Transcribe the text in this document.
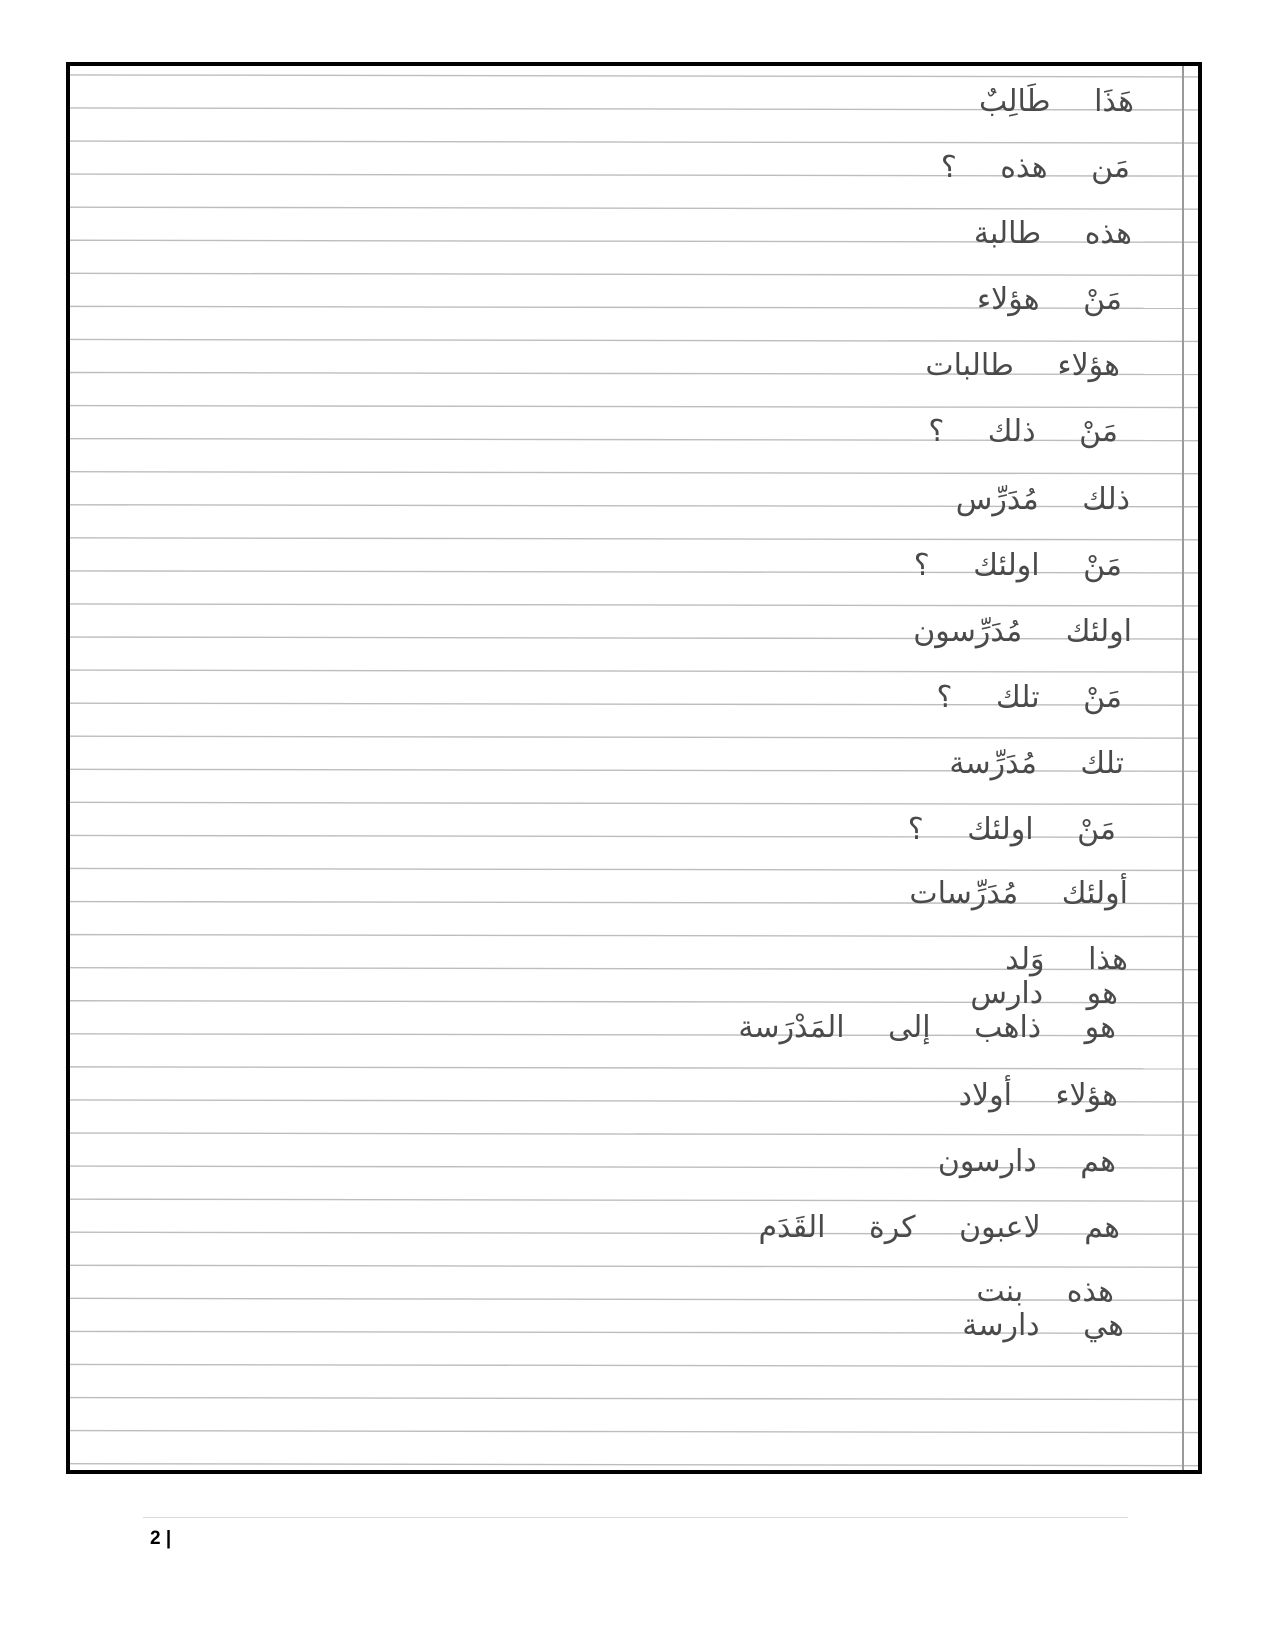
هَذَا طَالِبٌ
مَن هذه ؟
هذه طالبة
مَنْ هؤلاء
هؤلاء طالبات
مَنْ ذلك ؟
ذلك مُدَرِّس
مَنْ اولئك ؟
اولئك مُدَرِّسون
مَنْ تلك ؟
تلك مُدَرِّسة
مَنْ اولئك ؟
أولئك مُدَرِّسات
هذا وَلد
هو دارس
هو ذاهب إلى المَدْرَسة
هؤلاء أولاد
هم دارسون
هم لاعبون كرة القَدَم
هذه بنت
هي دارسة
2 |
